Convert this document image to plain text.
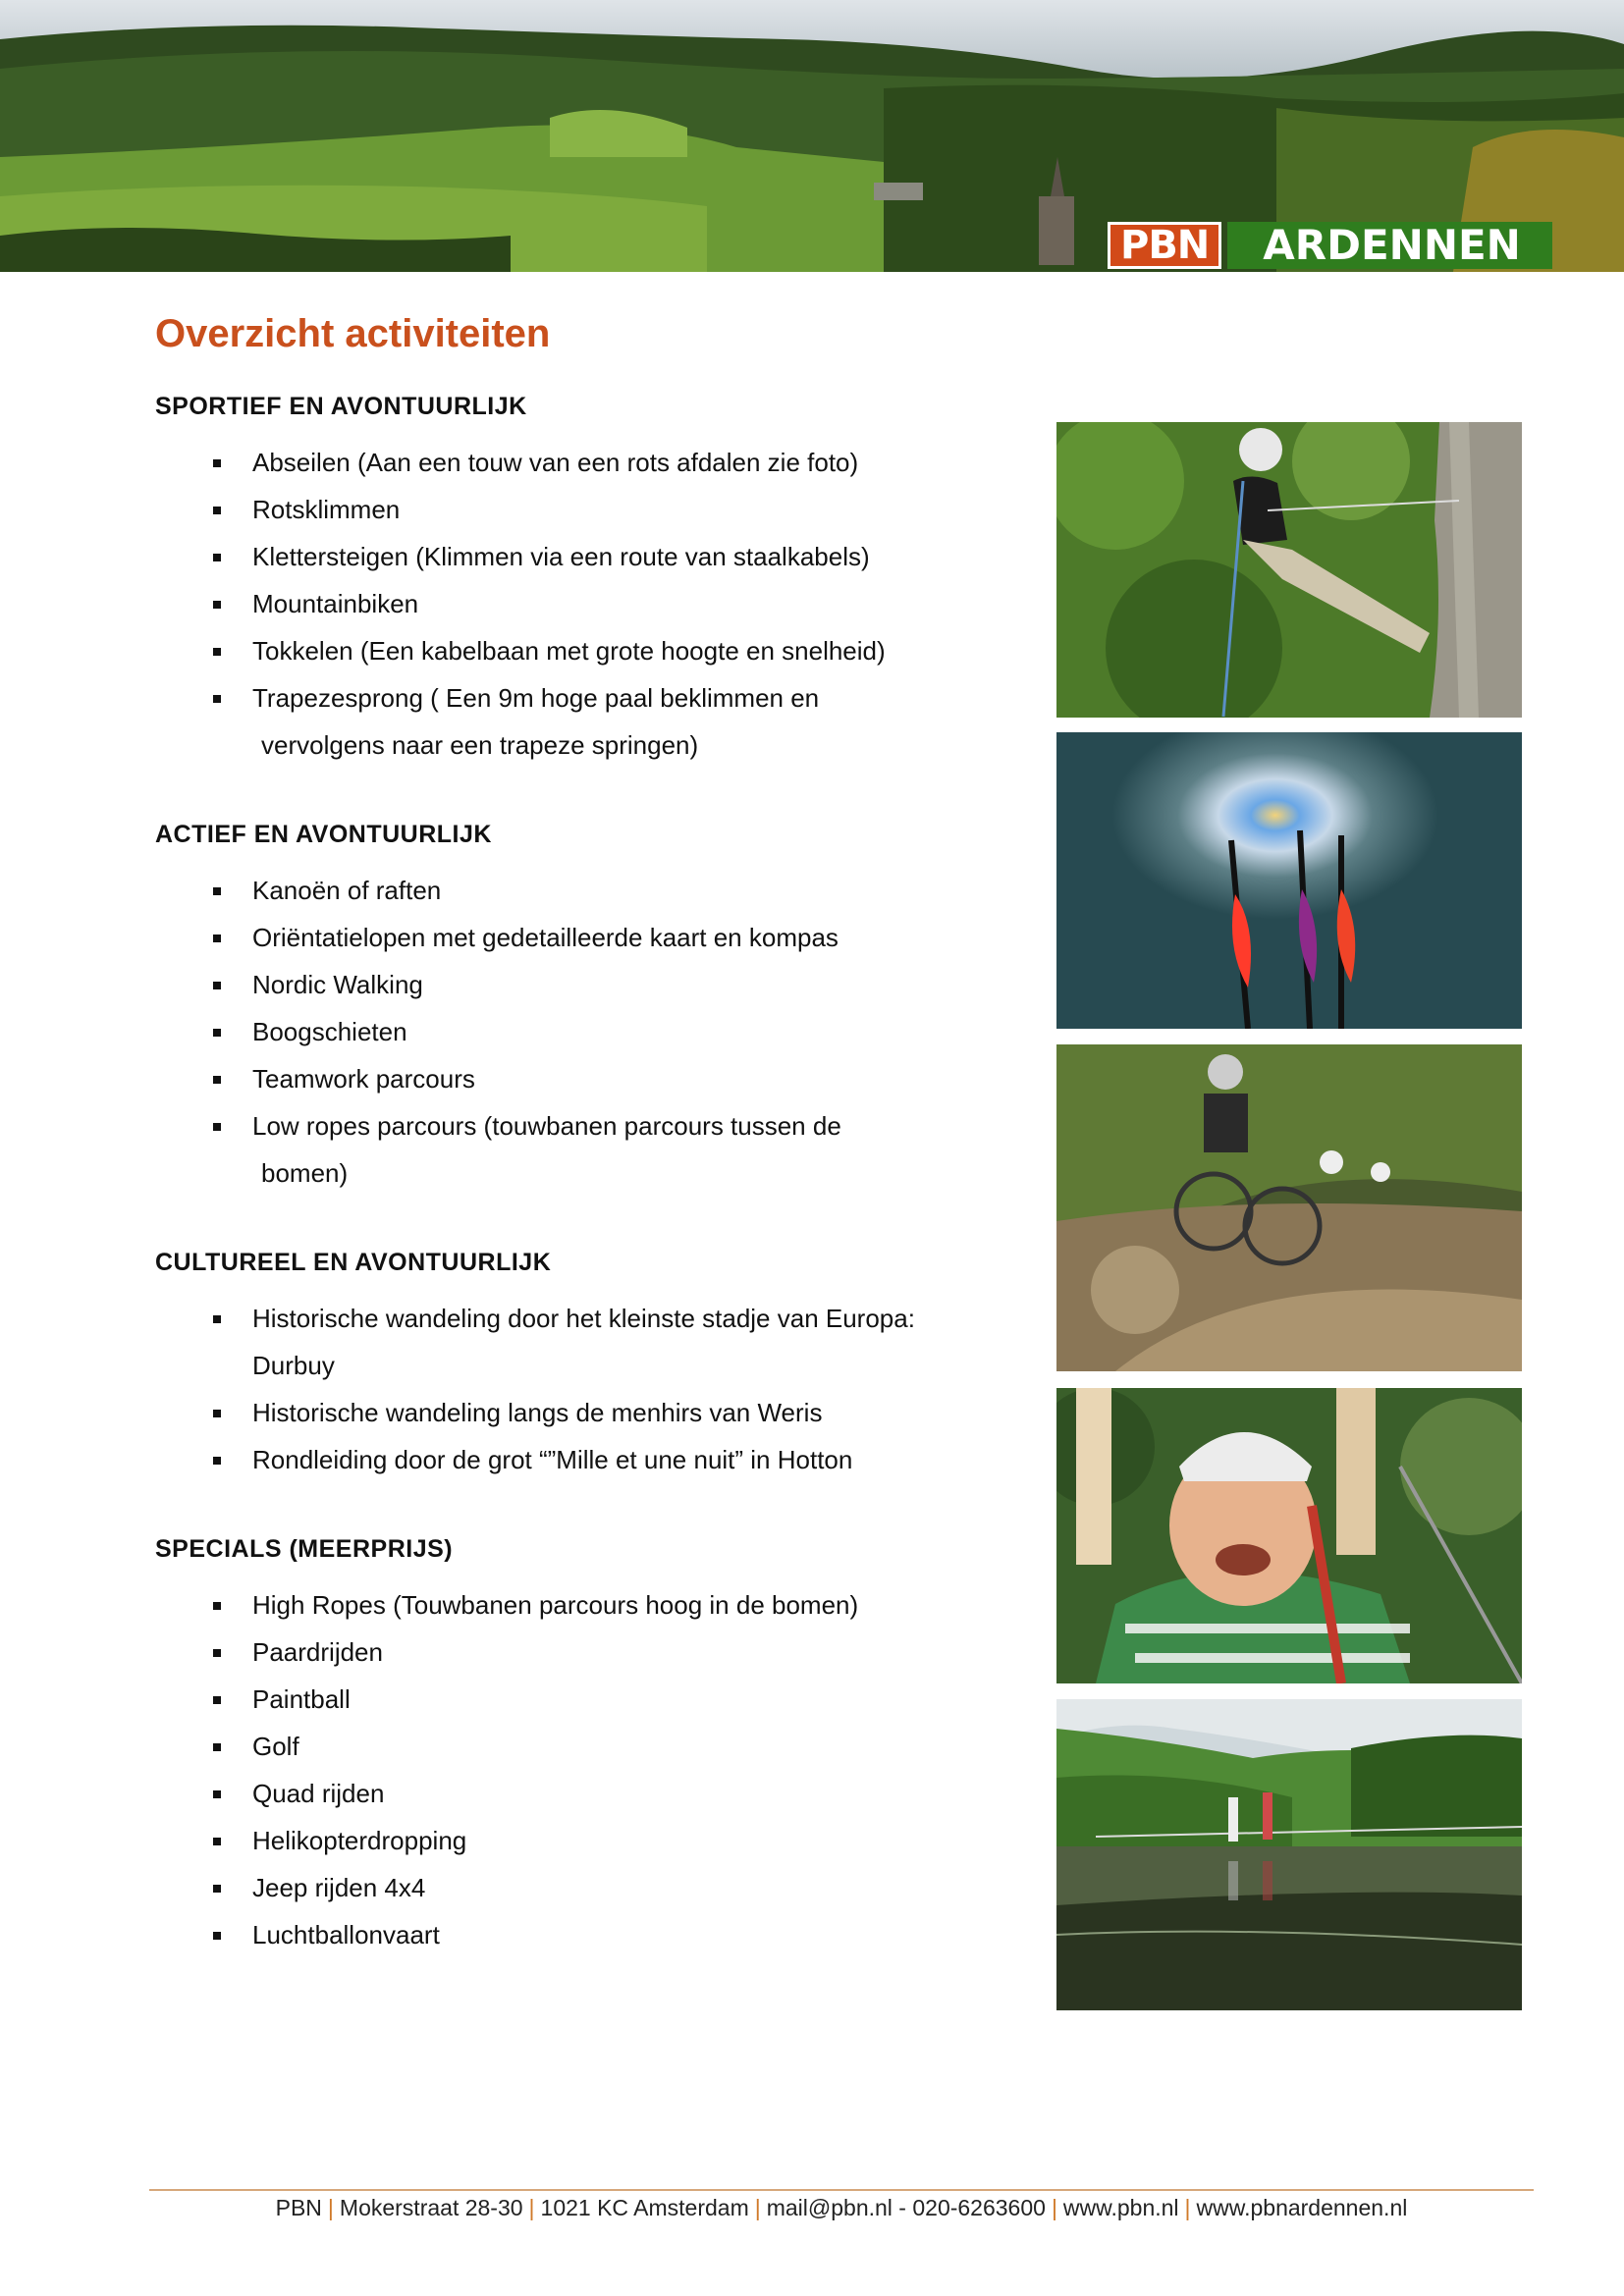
PBN	ARDENNEN
Overzicht activiteiten
SPORTIEF EN AVONTUURLIJK
Abseilen (Aan een touw van een rots afdalen zie foto)
Rotsklimmen
Klettersteigen (Klimmen via een route van staalkabels)
Mountainbiken
Tokkelen (Een kabelbaan met grote hoogte en snelheid)
Trapezesprong ( Een 9m hoge paal beklimmen en
vervolgens naar een trapeze springen)
ACTIEF EN AVONTUURLIJK
Kanoën of raften
Oriëntatielopen met gedetailleerde kaart en kompas
Nordic Walking
Boogschieten
Teamwork parcours
Low ropes parcours (touwbanen parcours tussen de
bomen)
CULTUREEL EN AVONTUURLIJK
Historische wandeling door het kleinste stadje van Europa:
Durbuy
Historische wandeling langs de menhirs van Weris
Rondleiding door de grot “”Mille et une nuit” in Hotton
SPECIALS (MEERPRIJS)
High Ropes (Touwbanen parcours hoog in de bomen)
Paardrijden
Paintball
Golf
Quad rijden
Helikopterdropping
Jeep rijden 4x4
Luchtballonvaart
PBN | Mokerstraat 28-30 | 1021 KC Amsterdam | mail@pbn.nl - 020-6263600 | www.pbn.nl | www.pbnardennen.nl
